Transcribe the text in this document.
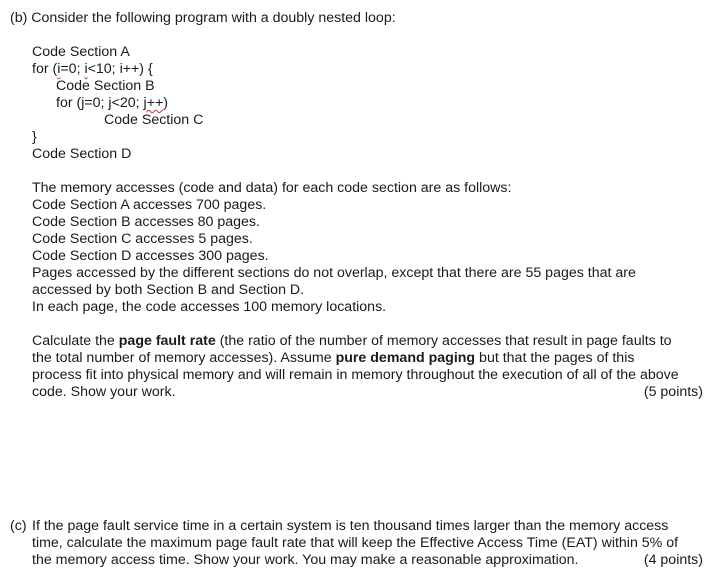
(b) Consider the following program with a doubly nested loop:
Code Section A
for (i=0; i<10; i++) {
Code Section B
for (j=0; j<20; j++)
Code Section C
}
Code Section D
The memory accesses (code and data) for each code section are as follows:
Code Section A accesses 700 pages.
Code Section B accesses 80 pages.
Code Section C accesses 5 pages.
Code Section D accesses 300 pages.
Pages accessed by the different sections do not overlap, except that there are 55 pages that are
accessed by both Section B and Section D.
In each page, the code accesses 100 memory locations.
Calculate the page fault rate (the ratio of the number of memory accesses that result in page faults to
the total number of memory accesses). Assume pure demand paging but that the pages of this
process fit into physical memory and will remain in memory throughout the execution of all of the above
code. Show your work.	(5 points)
(c) If the page fault service time in a certain system is ten thousand times larger than the memory access
time, calculate the maximum page fault rate that will keep the Effective Access Time (EAT) within 5% of
the memory access time. Show your work. You may make a reasonable approximation.	(4 points)
